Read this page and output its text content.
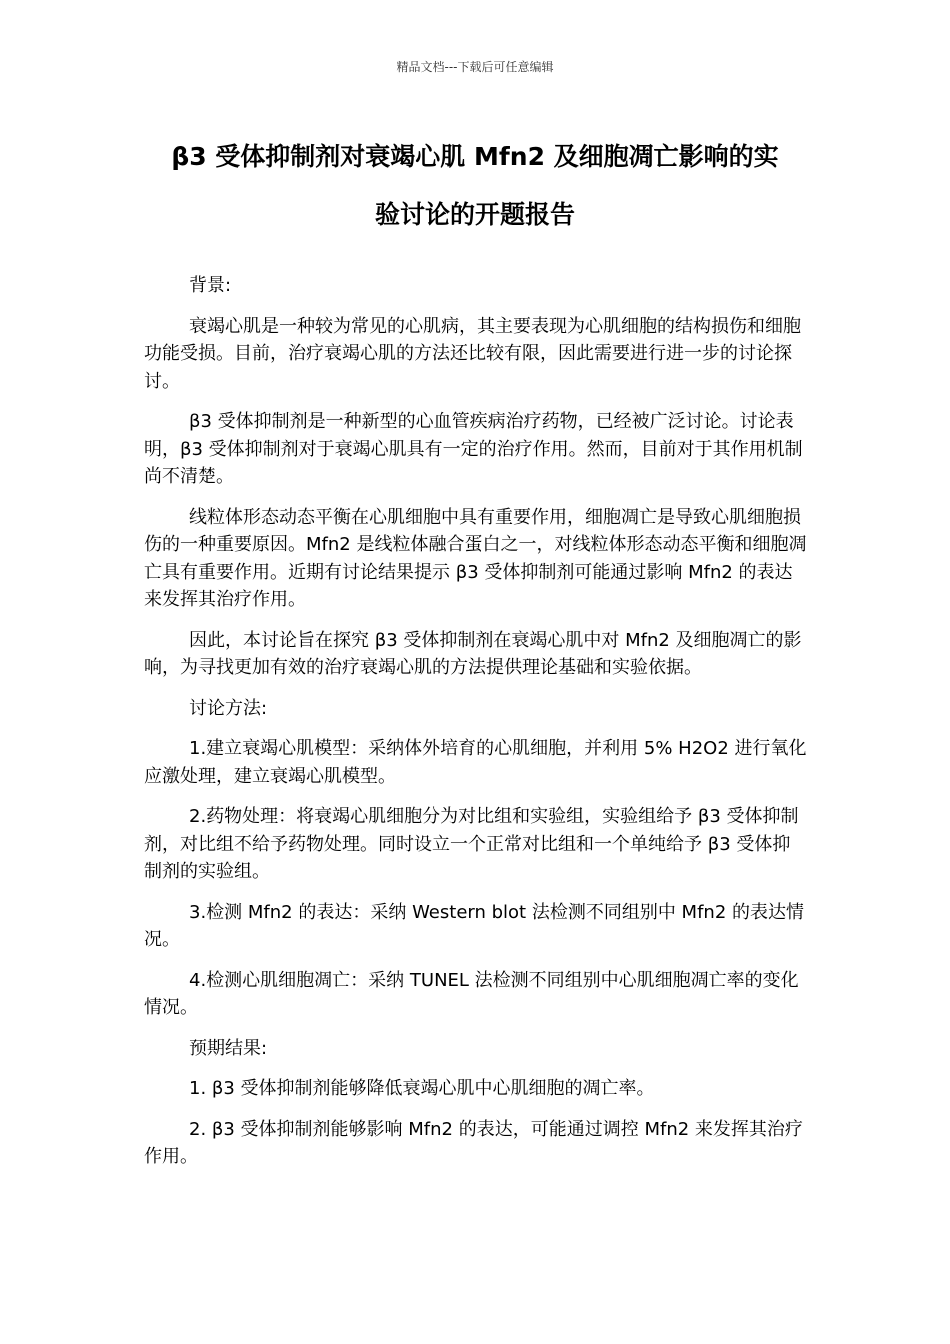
精品文档---下载后可任意编辑
β3 受体抑制剂对衰竭心肌 Mfn2 及细胞凋亡影响的实
验讨论的开题报告

背景:

衰竭心肌是一种较为常见的心肌病，其主要表现为心肌细胞的结构损伤和细胞功能受损。目前，治疗衰竭心肌的方法还比较有限，因此需要进行进一步的讨论探讨。

β3 受体抑制剂是一种新型的心血管疾病治疗药物，已经被广泛讨论。讨论表明，β3 受体抑制剂对于衰竭心肌具有一定的治疗作用。然而，目前对于其作用机制尚不清楚。

线粒体形态动态平衡在心肌细胞中具有重要作用，细胞凋亡是导致心肌细胞损伤的一种重要原因。Mfn2 是线粒体融合蛋白之一，对线粒体形态动态平衡和细胞凋亡具有重要作用。近期有讨论结果提示 β3 受体抑制剂可能通过影响 Mfn2 的表达来发挥其治疗作用。

因此，本讨论旨在探究 β3 受体抑制剂在衰竭心肌中对 Mfn2 及细胞凋亡的影响，为寻找更加有效的治疗衰竭心肌的方法提供理论基础和实验依据。

讨论方法:

1.建立衰竭心肌模型：采纳体外培育的心肌细胞，并利用 5% H2O2 进行氧化应激处理，建立衰竭心肌模型。

2.药物处理：将衰竭心肌细胞分为对比组和实验组，实验组给予 β3 受体抑制剂，对比组不给予药物处理。同时设立一个正常对比组和一个单纯给予 β3 受体抑制剂的实验组。

3.检测 Mfn2 的表达：采纳 Western blot 法检测不同组别中 Mfn2 的表达情况。

4.检测心肌细胞凋亡：采纳 TUNEL 法检测不同组别中心肌细胞凋亡率的变化情况。

预期结果:

1. β3 受体抑制剂能够降低衰竭心肌中心肌细胞的凋亡率。

2. β3 受体抑制剂能够影响 Mfn2 的表达，可能通过调控 Mfn2 来发挥其治疗作用。
